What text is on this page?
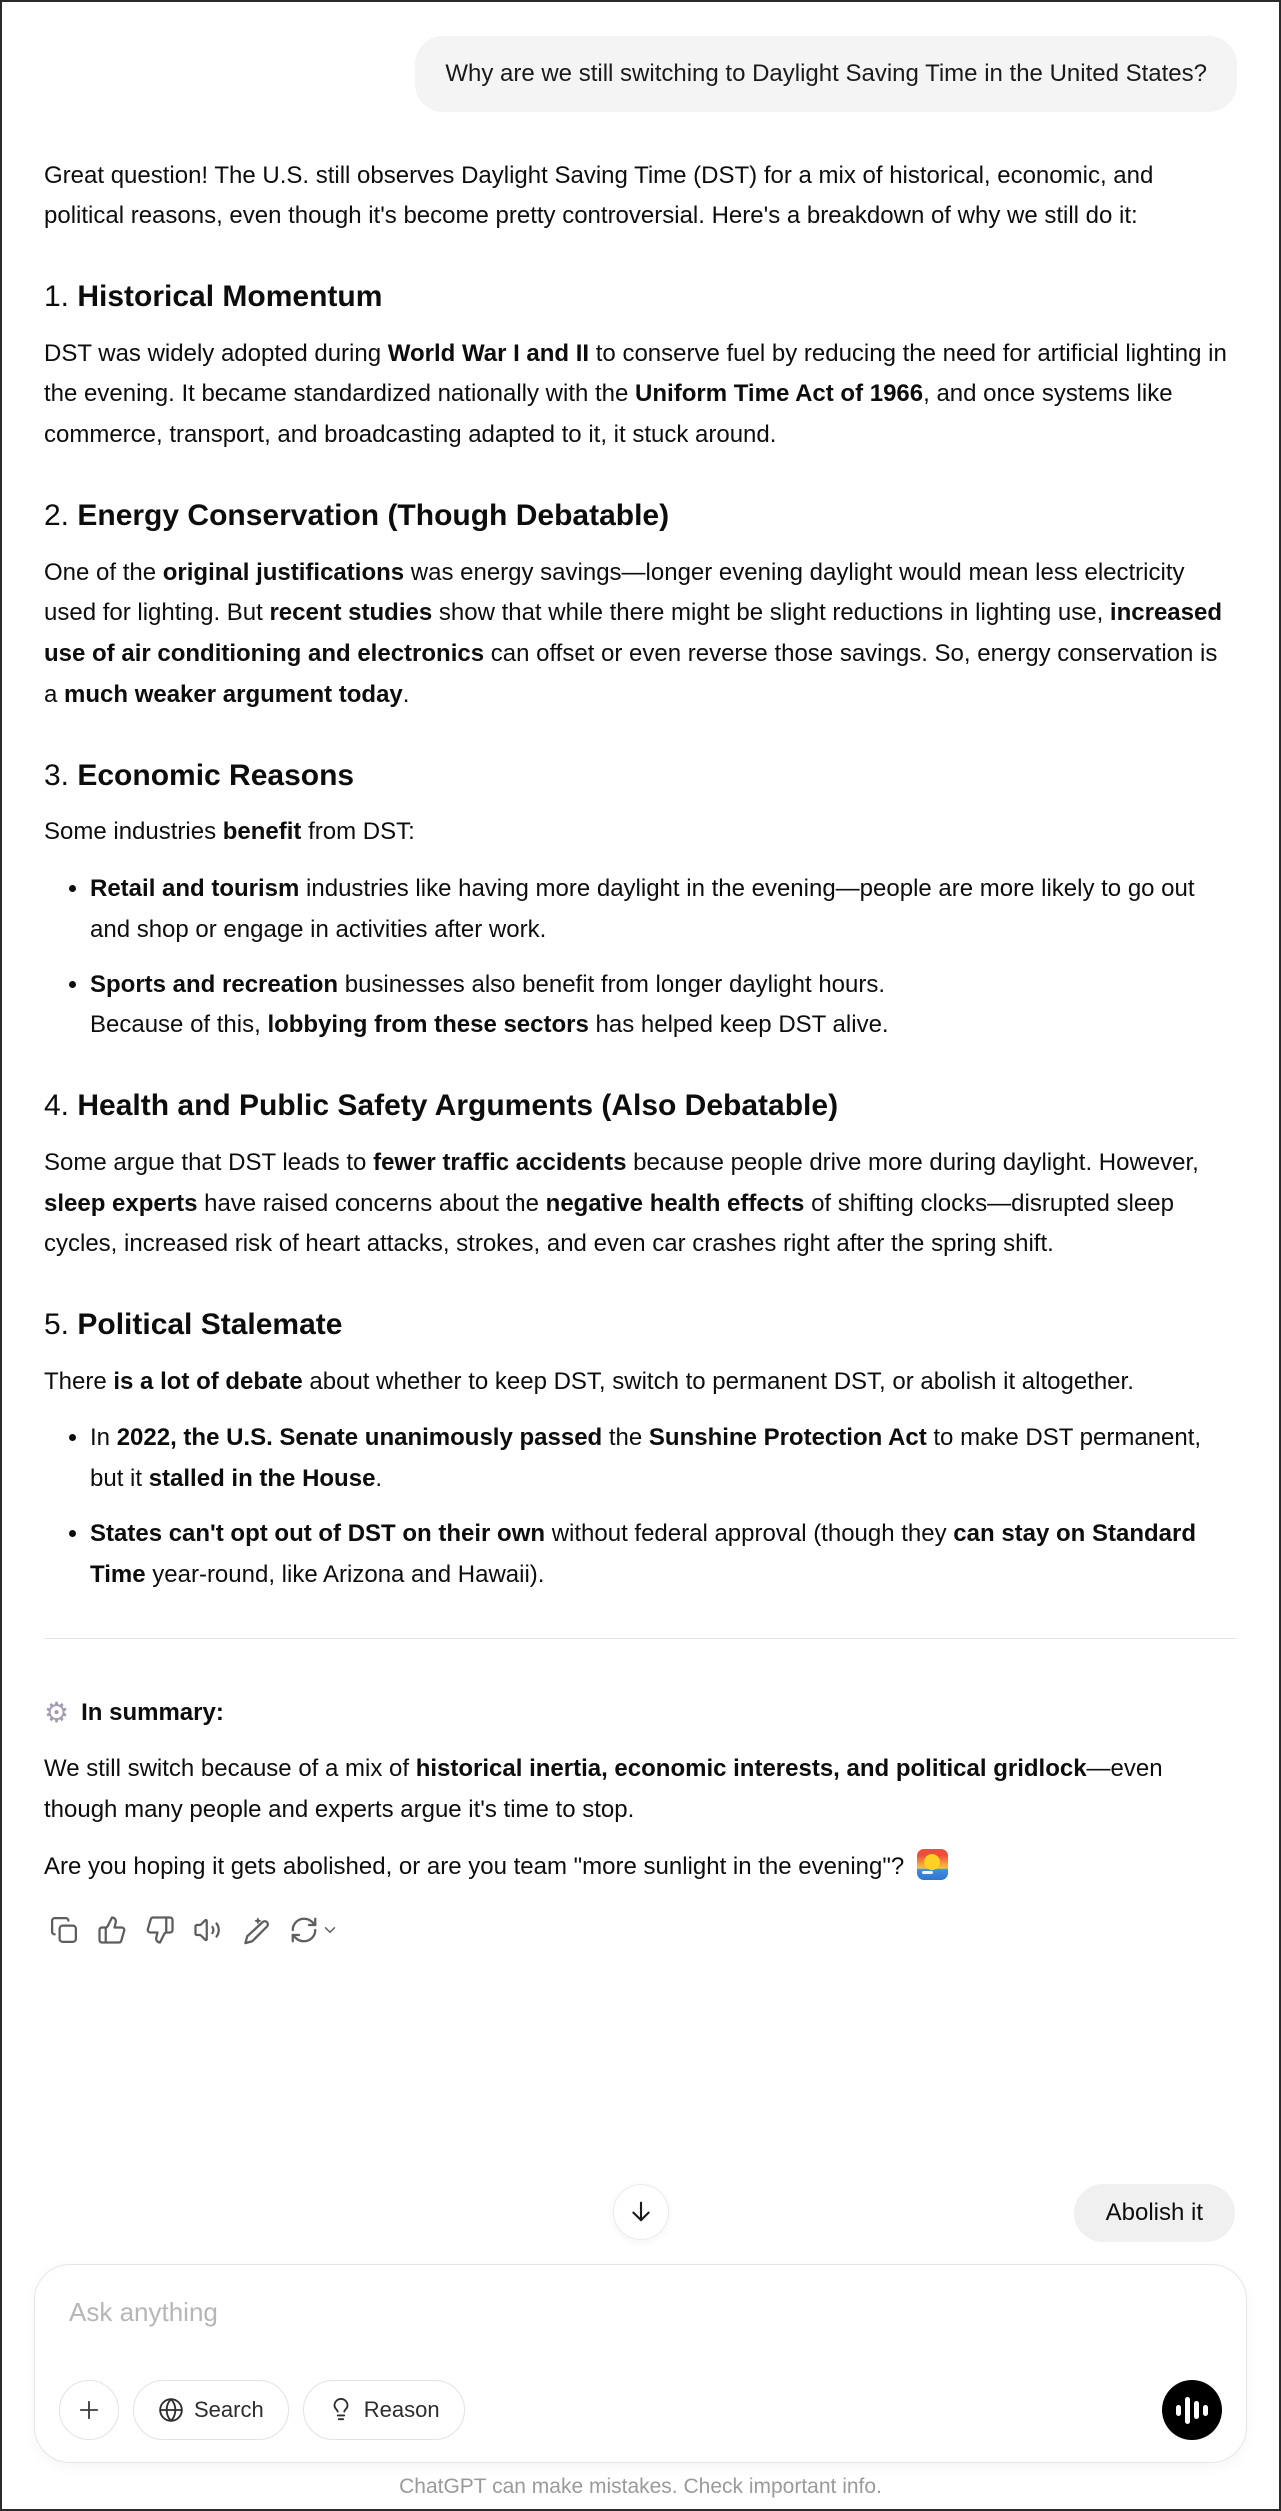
Why are we still switching to Daylight Saving Time in the United States?

Great question! The U.S. still observes Daylight Saving Time (DST) for a mix of historical, economic, and political reasons, even though it's become pretty controversial. Here's a breakdown of why we still do it:

1. Historical Momentum

DST was widely adopted during World War I and II to conserve fuel by reducing the need for artificial lighting in the evening. It became standardized nationally with the Uniform Time Act of 1966, and once systems like commerce, transport, and broadcasting adapted to it, it stuck around.

2. Energy Conservation (Though Debatable)

One of the original justifications was energy savings—longer evening daylight would mean less electricity used for lighting. But recent studies show that while there might be slight reductions in lighting use, increased use of air conditioning and electronics can offset or even reverse those savings. So, energy conservation is a much weaker argument today.

3. Economic Reasons

Some industries benefit from DST:

• Retail and tourism industries like having more daylight in the evening—people are more likely to go out and shop or engage in activities after work.
• Sports and recreation businesses also benefit from longer daylight hours.
Because of this, lobbying from these sectors has helped keep DST alive.
4. Health and Public Safety Arguments (Also Debatable)

Some argue that DST leads to fewer traffic accidents because people drive more during daylight. However, sleep experts have raised concerns about the negative health effects of shifting clocks—disrupted sleep cycles, increased risk of heart attacks, strokes, and even car crashes right after the spring shift.

5. Political Stalemate

There is a lot of debate about whether to keep DST, switch to permanent DST, or abolish it altogether.

• In 2022, the U.S. Senate unanimously passed the Sunshine Protection Act to make DST permanent, but it stalled in the House.
• States can't opt out of DST on their own without federal approval (though they can stay on Standard Time year-round, like Arizona and Hawaii).

⚙ In summary:

We still switch because of a mix of historical inertia, economic interests, and political gridlock—even though many people and experts argue it's time to stop.

Are you hoping it gets abolished, or are you team "more sunlight in the evening"?

Abolish it
Ask anything
Search	Reason
ChatGPT can make mistakes. Check important info.
